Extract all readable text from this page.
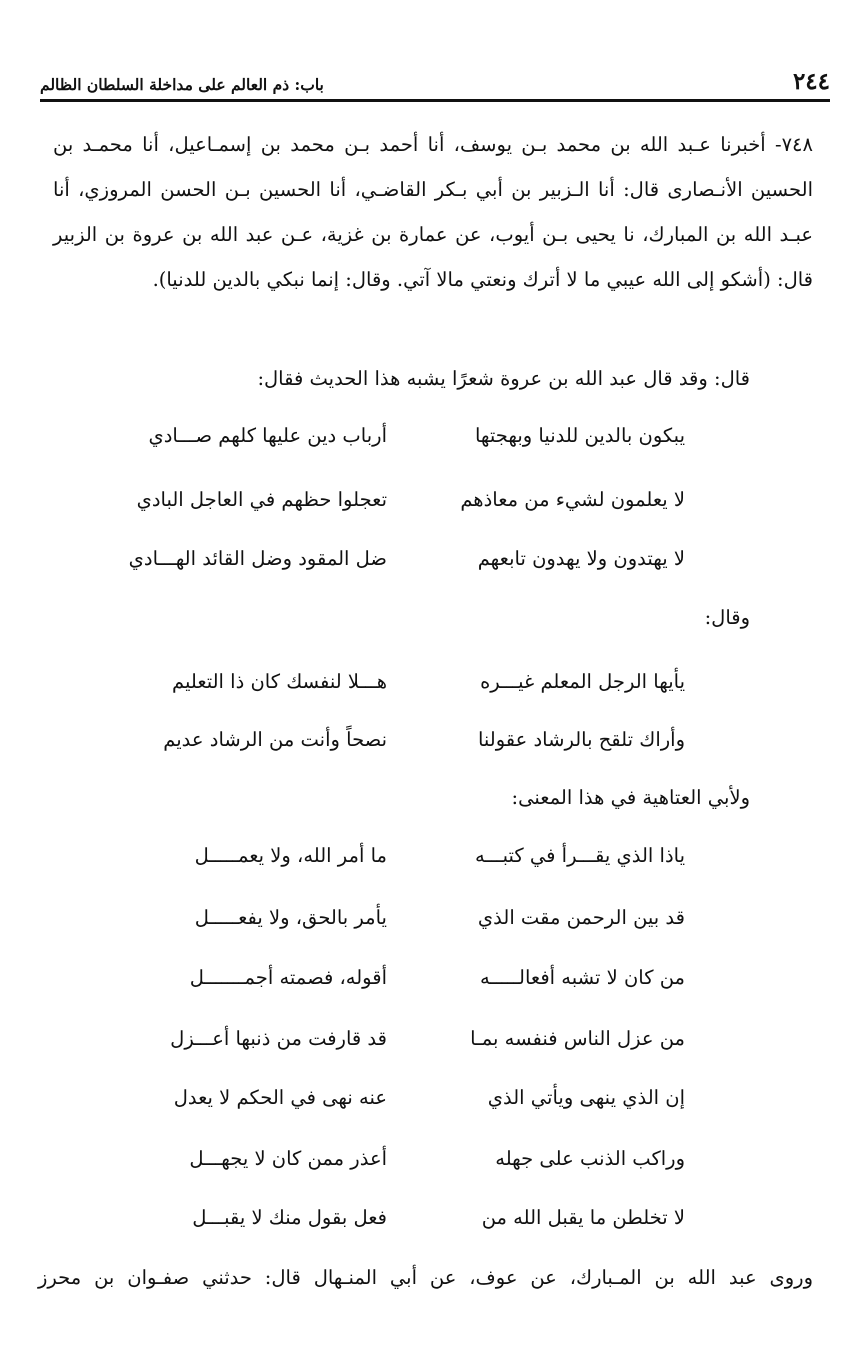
٢٤٤
باب: ذم العالم على مداخلة السلطان الظالم

٧٤٨- أخبرنا عـبد الله بن محمد بـن يوسف، أنا أحمد بـن محمد بن إسمـاعيل، أنا محمـد بن الحسين الأنـصارى قال: أنا الـزبير بن أبي بـكر القاضـي، أنا الحسين بـن الحسن المروزي، أنا عبـد الله بن المبارك، نا يحيى بـن أيوب، عن عمارة بن غزية، عـن عبد الله بن عروة بن الزبير قال: (أشكو إلى الله عيبي ما لا أترك ونعتي مالا آتي. وقال: إنما نبكي بالدين للدنيا).

قال: وقد قال عبد الله بن عروة شعرًا يشبه هذا الحديث فقال:

يبكون بالدين للدنيا وبهجتها
أرباب دين عليها كلهم صـــادي
لا يعلمون لشيء من معاذهم
تعجلوا حظهم في العاجل البادي
لا يهتدون ولا يهدون تابعهم
ضل المقود وضل القائد الهـــادي

وقال:

يأيها الرجل المعلم غيـــره
هـــلا لنفسك كان ذا التعليم
وأراك تلقح بالرشاد عقولنا
نصحاً وأنت من الرشاد عديم

ولأبي العتاهية في هذا المعنى:

ياذا الذي يقـــرأ في كتبـــه
ما أمر الله، ولا يعمـــــل
قد بين الرحمن مقت الذي
يأمر بالحق، ولا يفعـــــل
من كان لا تشبه أفعالـــــه
أقوله، فصمته أجمـــــــل
من عزل الناس فنفسه بمـا
قد قارفت من ذنبها أعـــزل
إن الذي ينهى ويأتي الذي
عنه نهى في الحكم لا يعدل
وراكب الذنب على جهله
أعذر ممن كان لا يجهـــل
لا تخلطن ما يقبل الله من
فعل بقول منك لا يقبـــل

وروى عبد الله بن المـبارك، عن عوف، عن أبي المنـهال قال: حدثني صفـوان بن محرز
